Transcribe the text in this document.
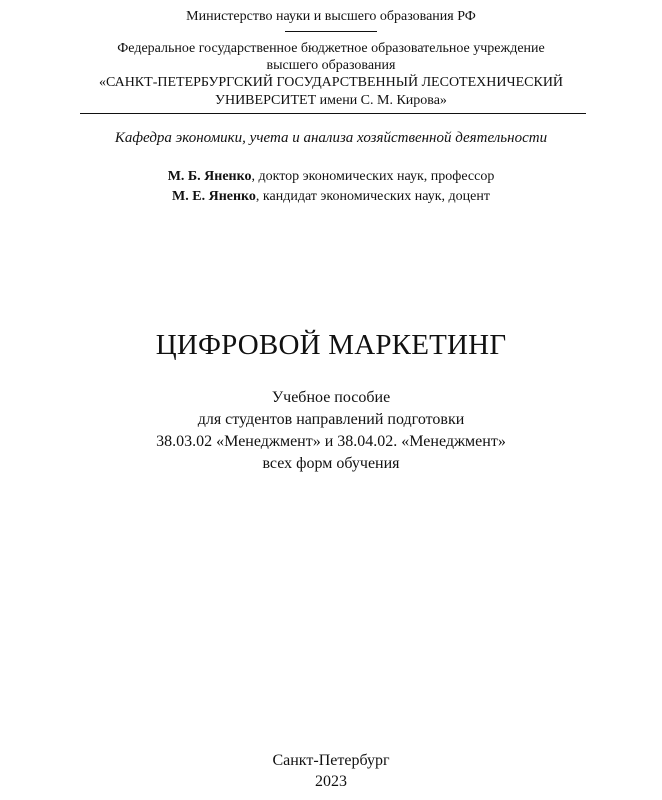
Министерство науки и высшего образования РФ
Федеральное государственное бюджетное образовательное учреждение
высшего образования
«САНКТ-ПЕТЕРБУРГСКИЙ ГОСУДАРСТВЕННЫЙ ЛЕСОТЕХНИЧЕСКИЙ
УНИВЕРСИТЕТ имени С. М. Кирова»
Кафедра экономики, учета и анализа хозяйственной деятельности
М. Б. Яненко, доктор экономических наук, профессор
М. Е. Яненко, кандидат экономических наук, доцент
ЦИФРОВОЙ МАРКЕТИНГ
Учебное пособие
для студентов направлений подготовки
38.03.02 «Менеджмент» и 38.04.02. «Менеджмент»
всех форм обучения
Санкт-Петербург
2023
